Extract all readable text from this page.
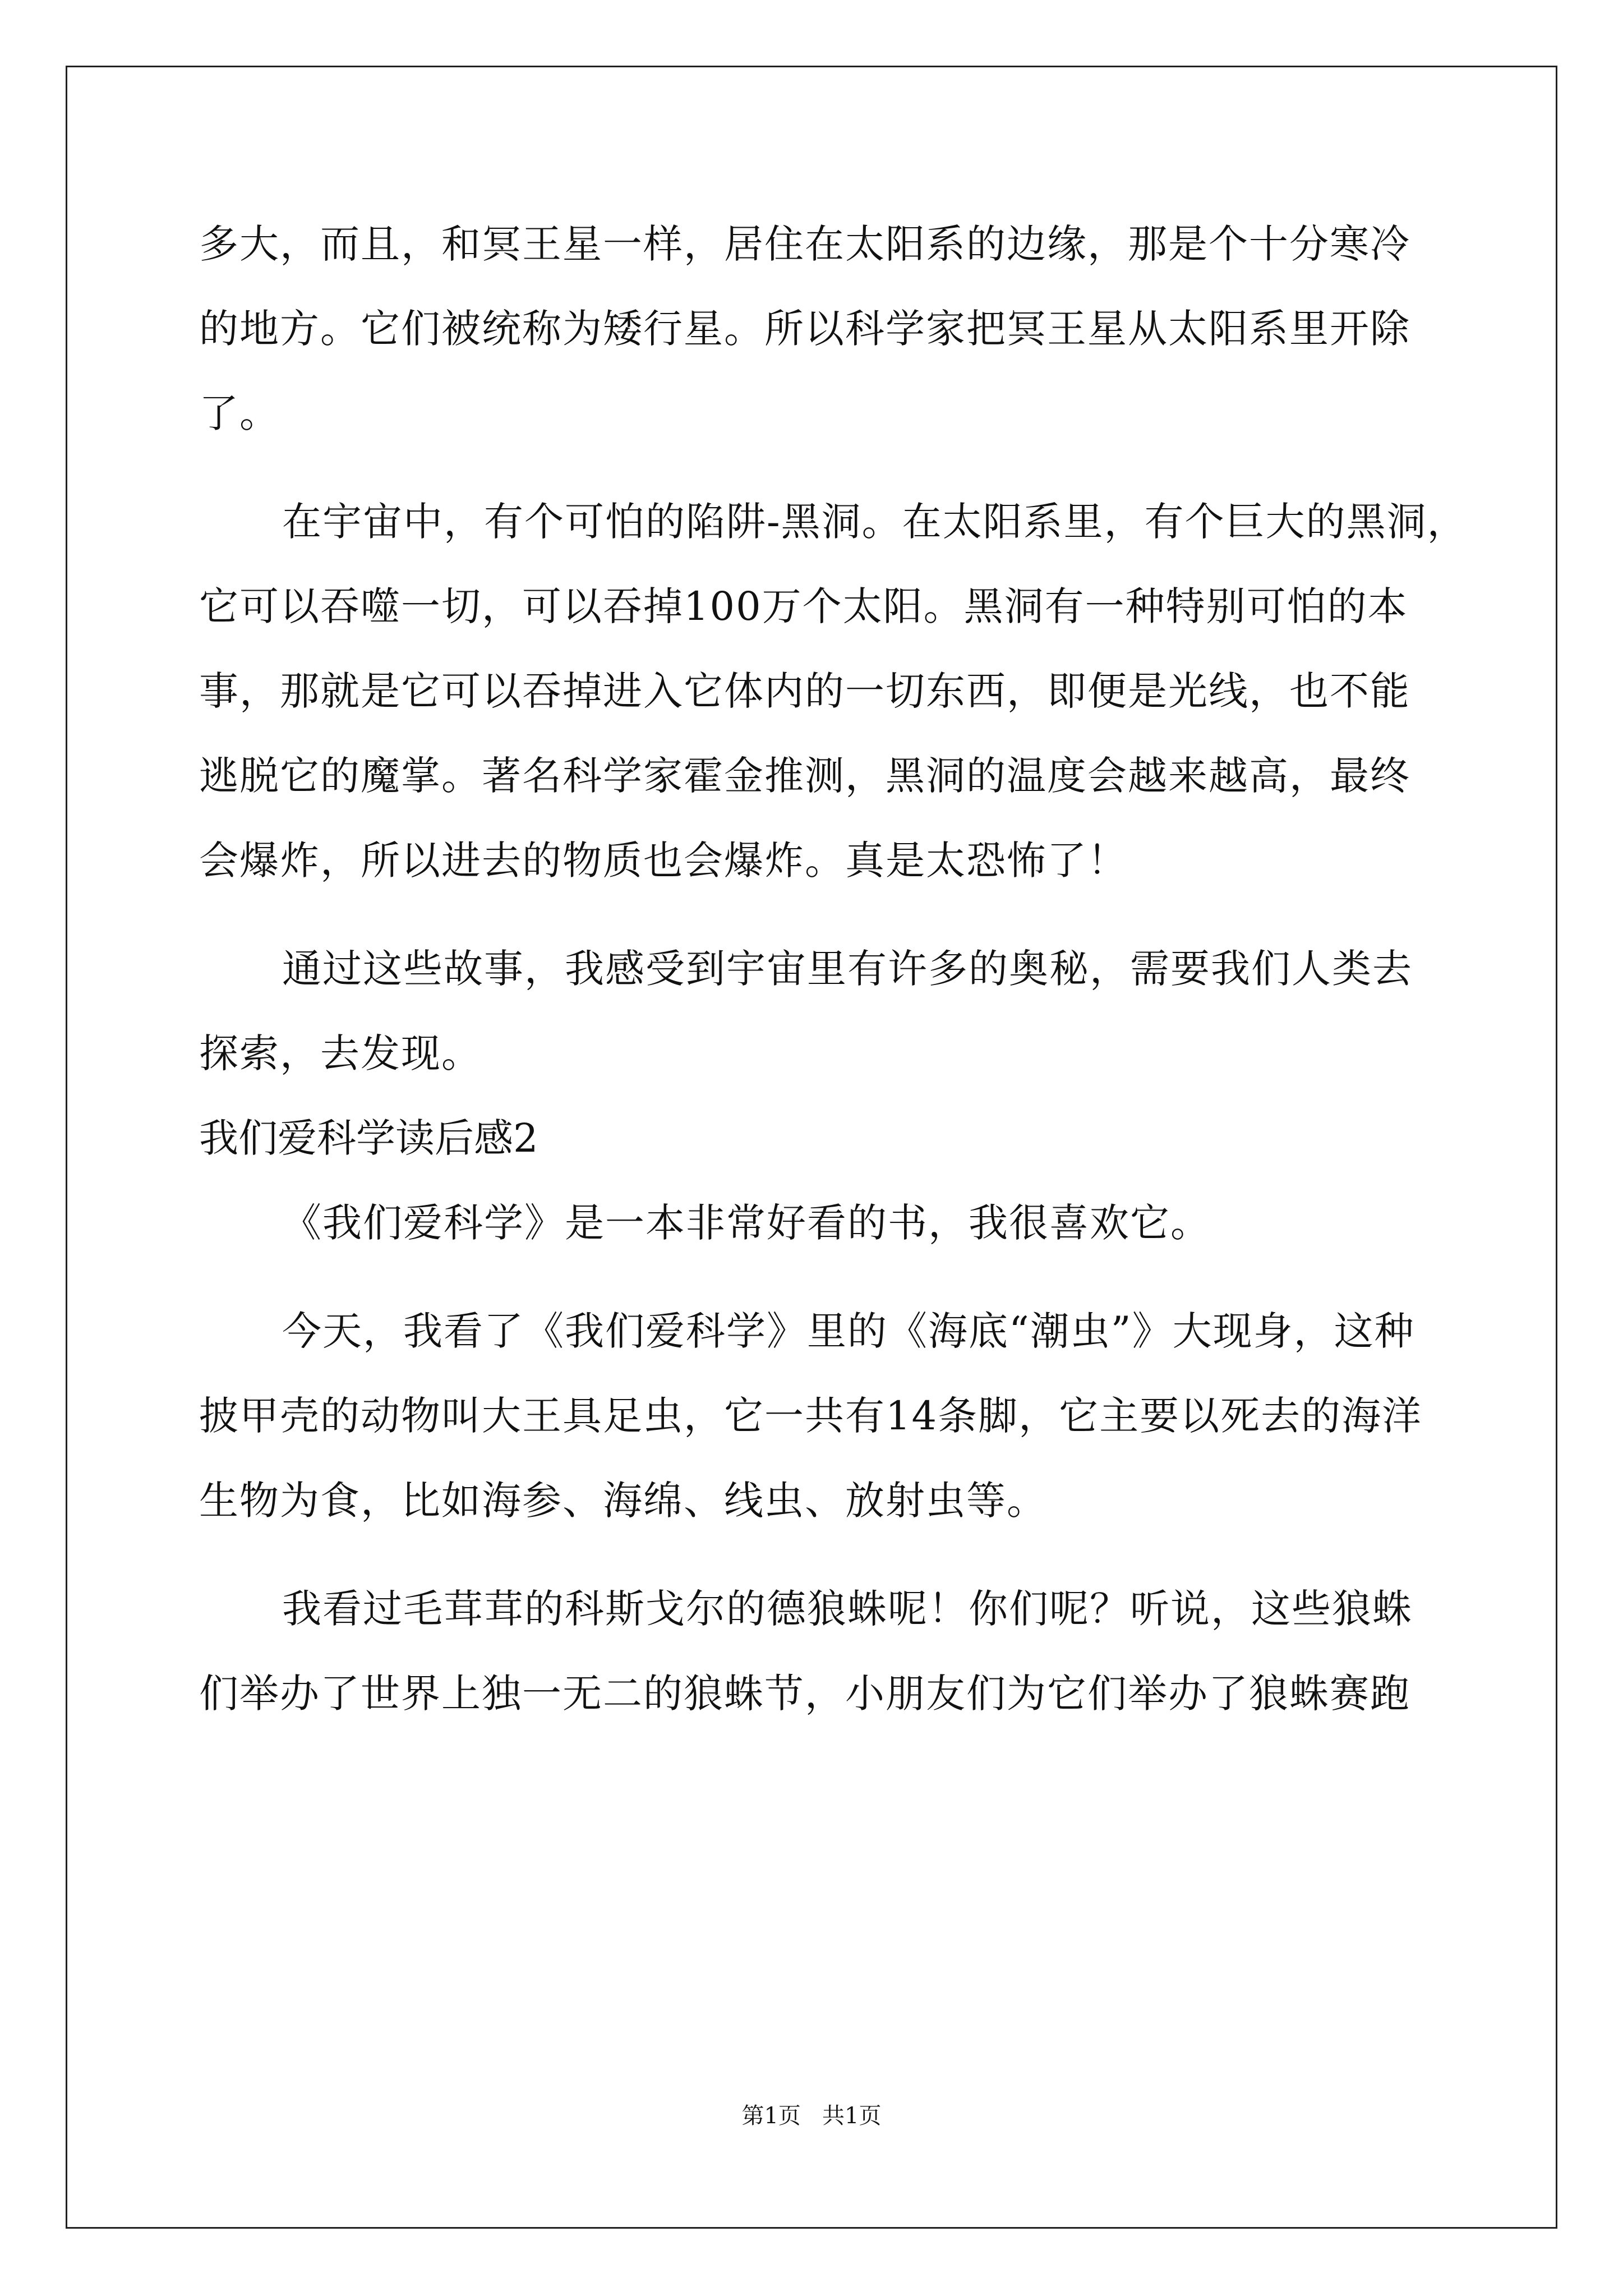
多大，而且，和冥王星一样，居住在太阳系的边缘，那是个十分寒冷
的地方。它们被统称为矮行星。所以科学家把冥王星从太阳系里开除
了。
在宇宙中，有个可怕的陷阱-黑洞。在太阳系里，有个巨大的黑洞，
它可以吞噬一切，可以吞掉100万个太阳。黑洞有一种特别可怕的本
事，那就是它可以吞掉进入它体内的一切东西，即便是光线，也不能
逃脱它的魔掌。著名科学家霍金推测，黑洞的温度会越来越高，最终
会爆炸，所以进去的物质也会爆炸。真是太恐怖了！
通过这些故事，我感受到宇宙里有许多的奥秘，需要我们人类去
探索，去发现。
我们爱科学读后感2
《我们爱科学》是一本非常好看的书，我很喜欢它。
今天，我看了《我们爱科学》里的《海底“潮虫”》大现身，这种
披甲壳的动物叫大王具足虫，它一共有14条脚，它主要以死去的海洋
生物为食，比如海参、海绵、线虫、放射虫等。
我看过毛茸茸的科斯戈尔的德狼蛛呢！你们呢？听说，这些狼蛛
们举办了世界上独一无二的狼蛛节，小朋友们为它们举办了狼蛛赛跑
第1页   共1页
